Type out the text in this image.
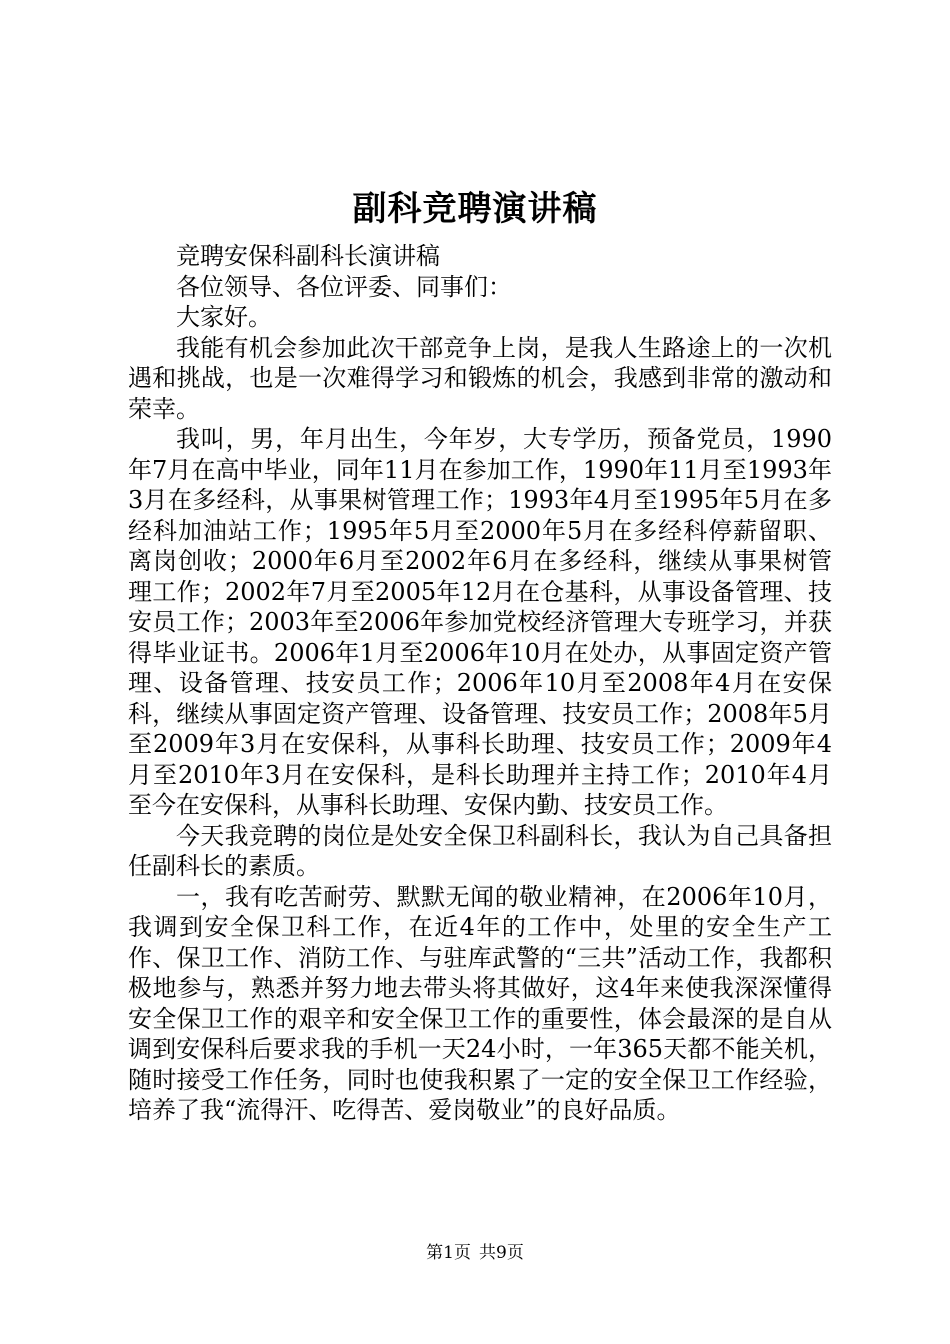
副科竞聘演讲稿

竞聘安保科副科长演讲稿

各位领导、各位评委、同事们：

大家好。

我能有机会参加此次干部竞争上岗，是我人生路途上的一次机遇和挑战，也是一次难得学习和锻炼的机会，我感到非常的激动和荣幸。

我叫，男，年月出生，今年岁，大专学历，预备党员，1990年7月在高中毕业，同年11月在参加工作，1990年11月至1993年3月在多经科，从事果树管理工作；1993年4月至1995年5月在多经科加油站工作；1995年5月至2000年5月在多经科停薪留职、离岗创收；2000年6月至2002年6月在多经科，继续从事果树管理工作；2002年7月至2005年12月在仓基科，从事设备管理、技安员工作；2003年至2006年参加党校经济管理大专班学习，并获得毕业证书。2006年1月至2006年10月在处办，从事固定资产管理、设备管理、技安员工作；2006年10月至2008年4月在安保科，继续从事固定资产管理、设备管理、技安员工作；2008年5月至2009年3月在安保科，从事科长助理、技安员工作；2009年4月至2010年3月在安保科，是科长助理并主持工作；2010年4月至今在安保科，从事科长助理、安保内勤、技安员工作。

今天我竞聘的岗位是处安全保卫科副科长，我认为自己具备担任副科长的素质。

一，我有吃苦耐劳、默默无闻的敬业精神，在2006年10月，我调到安全保卫科工作，在近4年的工作中，处里的安全生产工作、保卫工作、消防工作、与驻库武警的“三共”活动工作，我都积极地参与，熟悉并努力地去带头将其做好，这4年来使我深深懂得安全保卫工作的艰辛和安全保卫工作的重要性，体会最深的是自从调到安保科后要求我的手机一天24小时，一年365天都不能关机，随时接受工作任务，同时也使我积累了一定的安全保卫工作经验，培养了我“流得汗、吃得苦、爱岗敬业”的良好品质。

第1页 共9页
